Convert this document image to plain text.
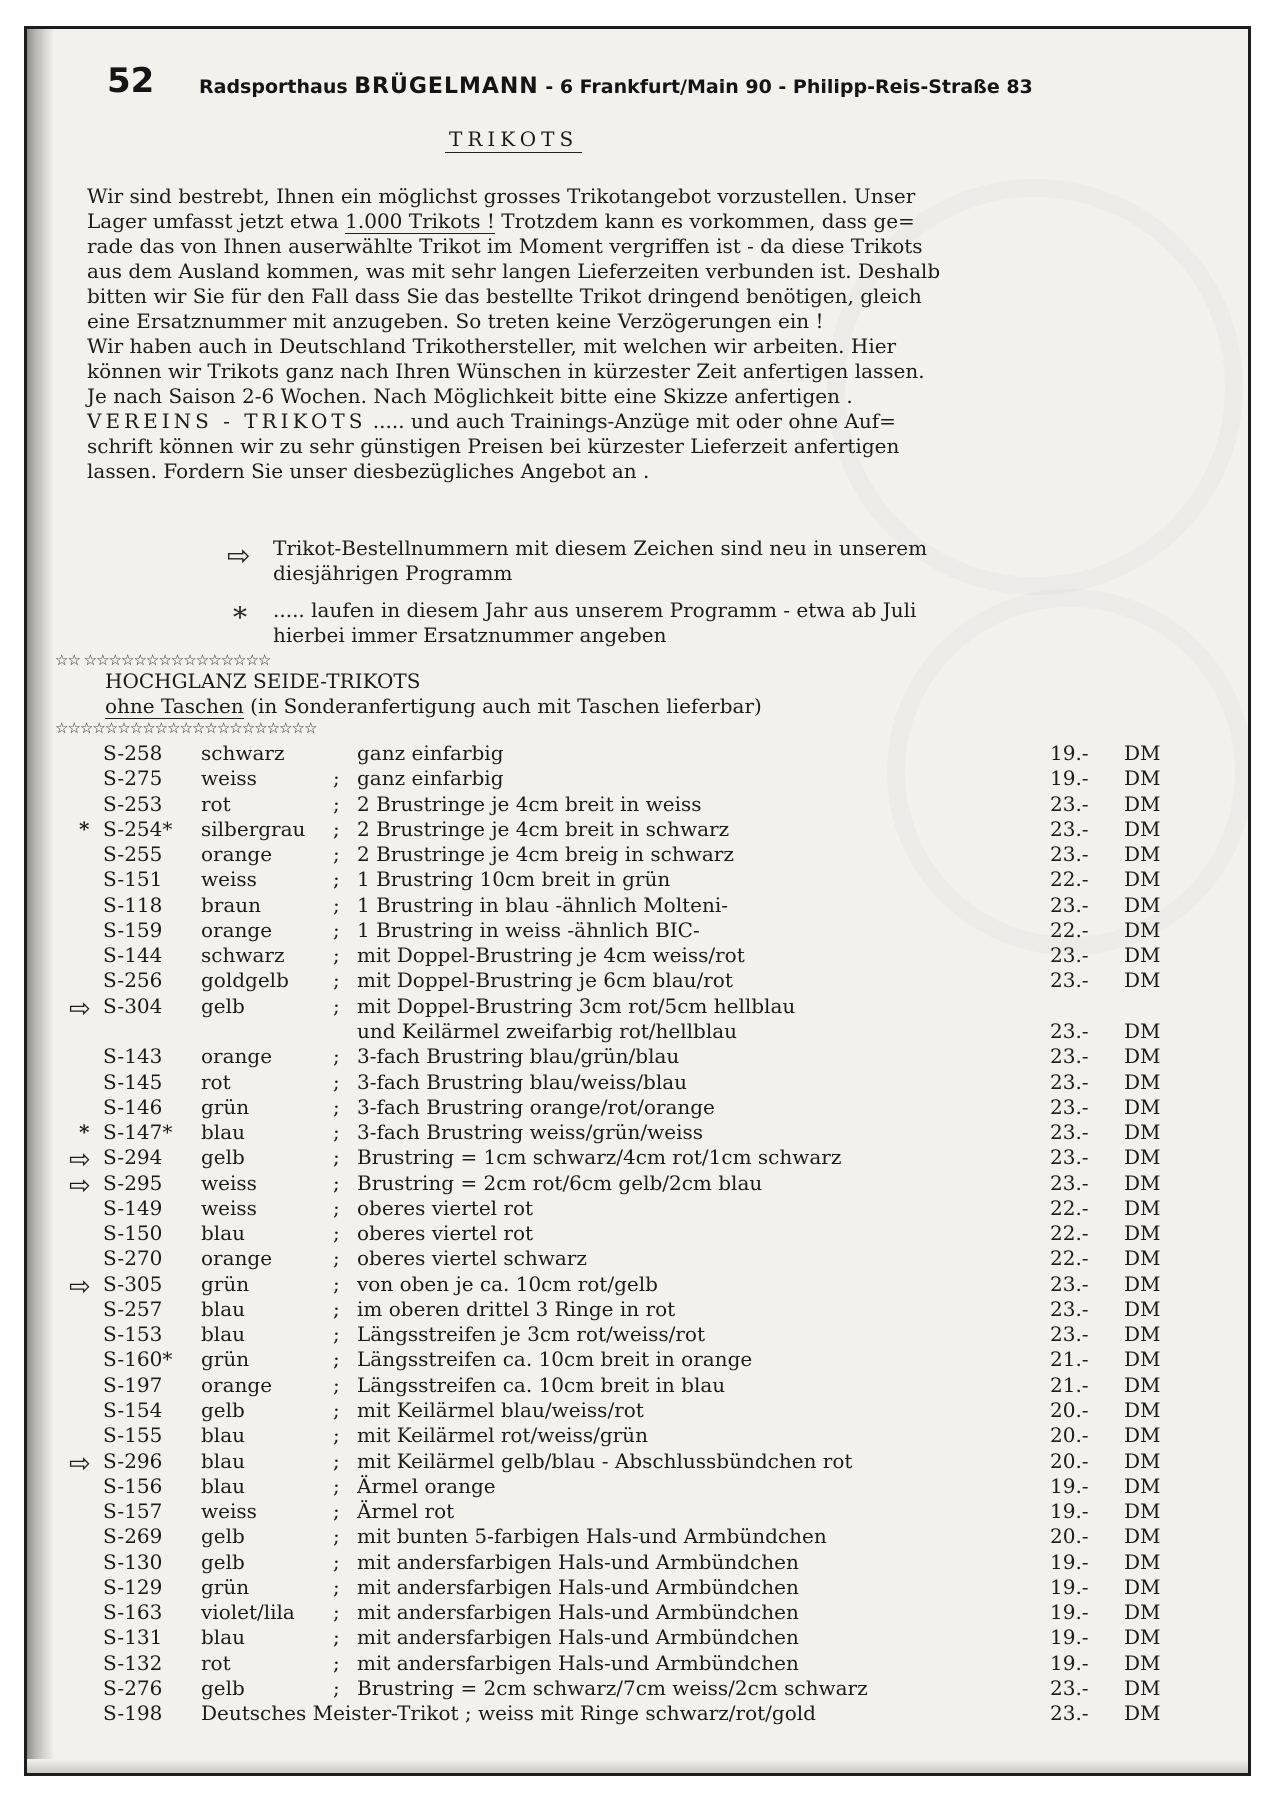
52 Radsporthaus BRÜGELMANN - 6 Frankfurt/Main 90 - Philipp-Reis-Straße 83
TRIKOTS
Wir sind bestrebt, Ihnen ein möglichst grosses Trikotangebot vorzustellen. Unser
Lager umfasst jetzt etwa 1.000 Trikots ! Trotzdem kann es vorkommen, dass ge=
rade das von Ihnen auserwählte Trikot im Moment vergriffen ist - da diese Trikots
aus dem Ausland kommen, was mit sehr langen Lieferzeiten verbunden ist. Deshalb
bitten wir Sie für den Fall dass Sie das bestellte Trikot dringend benötigen, gleich
eine Ersatznummer mit anzugeben. So treten keine Verzögerungen ein !
Wir haben auch in Deutschland Trikothersteller, mit welchen wir arbeiten. Hier
können wir Trikots ganz nach Ihren Wünschen in kürzester Zeit anfertigen lassen.
Je nach Saison 2-6 Wochen. Nach Möglichkeit bitte eine Skizze anfertigen .
VEREINS - TRIKOTS ..... und auch Trainings-Anzüge mit oder ohne Auf=
schrift können wir zu sehr günstigen Preisen bei kürzester Lieferzeit anfertigen
lassen. Fordern Sie unser diesbezügliches Angebot an .
⇨ Trikot-Bestellnummern mit diesem Zeichen sind neu in unserem
diesjährigen Programm
* ..... laufen in diesem Jahr aus unserem Programm - etwa ab Juli
hierbei immer Ersatznummer angeben
☆☆ ☆☆☆☆☆☆☆☆☆☆☆☆☆☆☆
HOCHGLANZ SEIDE-TRIKOTS
ohne Taschen (in Sonderanfertigung auch mit Taschen lieferbar)
☆☆☆☆☆☆☆☆☆☆☆☆☆☆☆☆☆☆☆☆☆
S-258 schwarz	ganz einfarbig	19.- DM
S-275 weiss	; ganz einfarbig	19.- DM
S-253 rot	; 2 Brustringe je 4cm breit in weiss	23.- DM
* S-254* silbergrau ; 2 Brustringe je 4cm breit in schwarz	23.- DM
S-255 orange	; 2 Brustringe je 4cm breig in schwarz	23.- DM
S-151 weiss	; 1 Brustring 10cm breit in grün	22.- DM
S-118 braun	; 1 Brustring in blau -ähnlich Molteni-	23.- DM
S-159 orange	; 1 Brustring in weiss -ähnlich BIC-	22.- DM
S-144 schwarz ; mit Doppel-Brustring je 4cm weiss/rot	23.- DM
S-256 goldgelb ; mit Doppel-Brustring je 6cm blau/rot	23.- DM
⇨ S-304 gelb	; mit Doppel-Brustring 3cm rot/5cm hellblau
und Keilärmel zweifarbig rot/hellblau	23.- DM
S-143 orange	; 3-fach Brustring blau/grün/blau	23.- DM
S-145 rot	; 3-fach Brustring blau/weiss/blau	23.- DM
S-146 grün	; 3-fach Brustring orange/rot/orange	23.- DM
* S-147* blau	; 3-fach Brustring weiss/grün/weiss	23.- DM
⇨ S-294 gelb	; Brustring = 1cm schwarz/4cm rot/1cm schwarz	23.- DM
⇨ S-295 weiss	; Brustring = 2cm rot/6cm gelb/2cm blau	23.- DM
S-149 weiss	; oberes viertel rot	22.- DM
S-150 blau	; oberes viertel rot	22.- DM
S-270 orange	; oberes viertel schwarz	22.- DM
⇨ S-305 grün	; von oben je ca. 10cm rot/gelb	23.- DM
S-257 blau	; im oberen drittel 3 Ringe in rot	23.- DM
S-153 blau	; Längsstreifen je 3cm rot/weiss/rot	23.- DM
S-160* grün	; Längsstreifen ca. 10cm breit in orange	21.- DM
S-197 orange	; Längsstreifen ca. 10cm breit in blau	21.- DM
S-154 gelb	; mit Keilärmel blau/weiss/rot	20.- DM
S-155 blau	; mit Keilärmel rot/weiss/grün	20.- DM
⇨ S-296 blau	; mit Keilärmel gelb/blau - Abschlussbündchen rot	20.- DM
S-156 blau	; Ärmel orange	19.- DM
S-157 weiss	; Ärmel rot	19.- DM
S-269 gelb	; mit bunten 5-farbigen Hals-und Armbündchen	20.- DM
S-130 gelb	; mit andersfarbigen Hals-und Armbündchen	19.- DM
S-129 grün	; mit andersfarbigen Hals-und Armbündchen	19.- DM
S-163 violet/lila ; mit andersfarbigen Hals-und Armbündchen	19.- DM
S-131 blau	; mit andersfarbigen Hals-und Armbündchen	19.- DM
S-132 rot	; mit andersfarbigen Hals-und Armbündchen	19.- DM
S-276 gelb	; Brustring = 2cm schwarz/7cm weiss/2cm schwarz	23.- DM
S-198 Deutsches Meister-Trikot ; weiss mit Ringe schwarz/rot/gold	23.- DM
